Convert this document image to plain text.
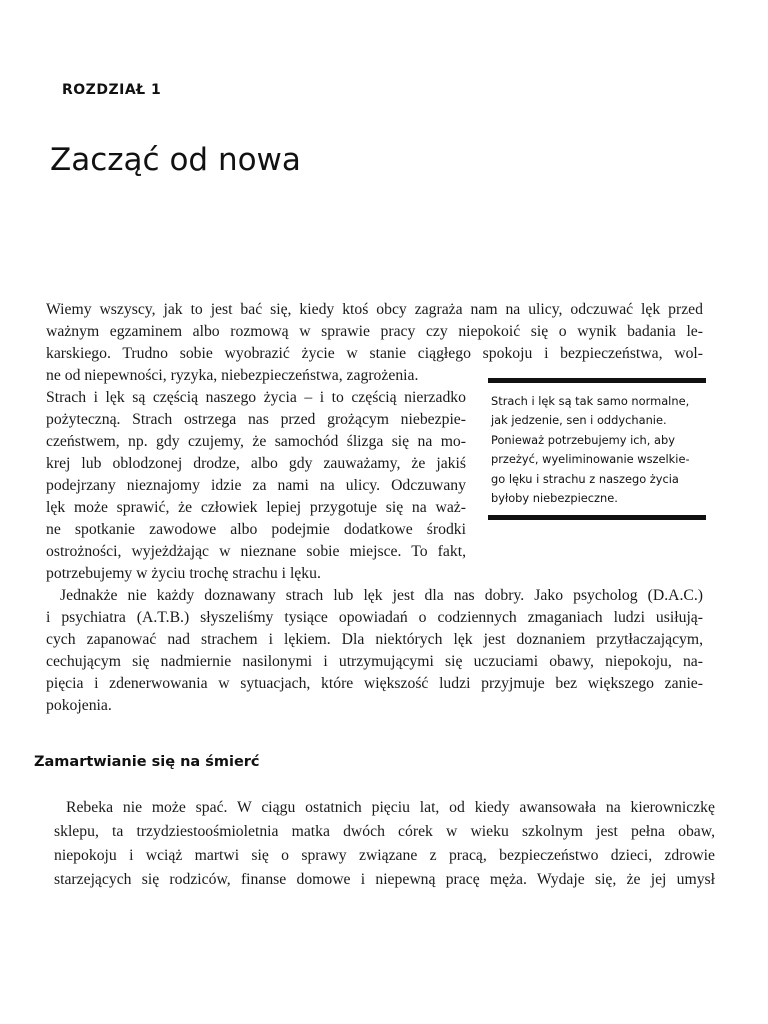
ROZDZIAŁ 1
Zacząć od nowa

Wiemy wszyscy, jak to jest bać się, kiedy ktoś obcy zagraża nam na ulicy, odczuwać lęk przed

ważnym egzaminem albo rozmową w sprawie pracy czy niepokoić się o wynik badania le-

karskiego. Trudno sobie wyobrazić życie w stanie ciągłego spokoju i bezpieczeństwa, wol-

ne od niepewności, ryzyka, niebezpieczeństwa, zagrożenia.

Strach i lęk są częścią naszego życia – i to częścią nierzadko

pożyteczną. Strach ostrzega nas przed grożącym niebezpie-

czeństwem, np. gdy czujemy, że samochód ślizga się na mo-

krej lub oblodzonej drodze, albo gdy zauważamy, że jakiś

podejrzany nieznajomy idzie za nami na ulicy. Odczuwany

lęk może sprawić, że człowiek lepiej przygotuje się na waż-

ne spotkanie zawodowe albo podejmie dodatkowe środki

ostrożności, wyjeżdżając w nieznane sobie miejsce. To fakt,

potrzebujemy w życiu trochę strachu i lęku.

Jednakże nie każdy doznawany strach lub lęk jest dla nas dobry. Jako psycholog (D.A.C.)

i psychiatra (A.T.B.) słyszeliśmy tysiące opowiadań o codziennych zmaganiach ludzi usiłują-

cych zapanować nad strachem i lękiem. Dla niektórych lęk jest doznaniem przytłaczającym,

cechującym się nadmiernie nasilonymi i utrzymującymi się uczuciami obawy, niepokoju, na-

pięcia i zdenerwowania w sytuacjach, które większość ludzi przyjmuje bez większego zanie-

pokojenia.

Strach i lęk są tak samo normalne,
jak jedzenie, sen i oddychanie.
Ponieważ potrzebujemy ich, aby
przeżyć, wyeliminowanie wszelkie-
go lęku i strachu z naszego życia
byłoby niebezpieczne.

Zamartwianie się na śmierć

Rebeka nie może spać. W ciągu ostatnich pięciu lat, od kiedy awansowała na kierowniczkę

sklepu, ta trzydziestoośmioletnia matka dwóch córek w wieku szkolnym jest pełna obaw,

niepokoju i wciąż martwi się o sprawy związane z pracą, bezpieczeństwo dzieci, zdrowie

starzejących się rodziców, finanse domowe i niepewną pracę męża. Wydaje się, że jej umysł
